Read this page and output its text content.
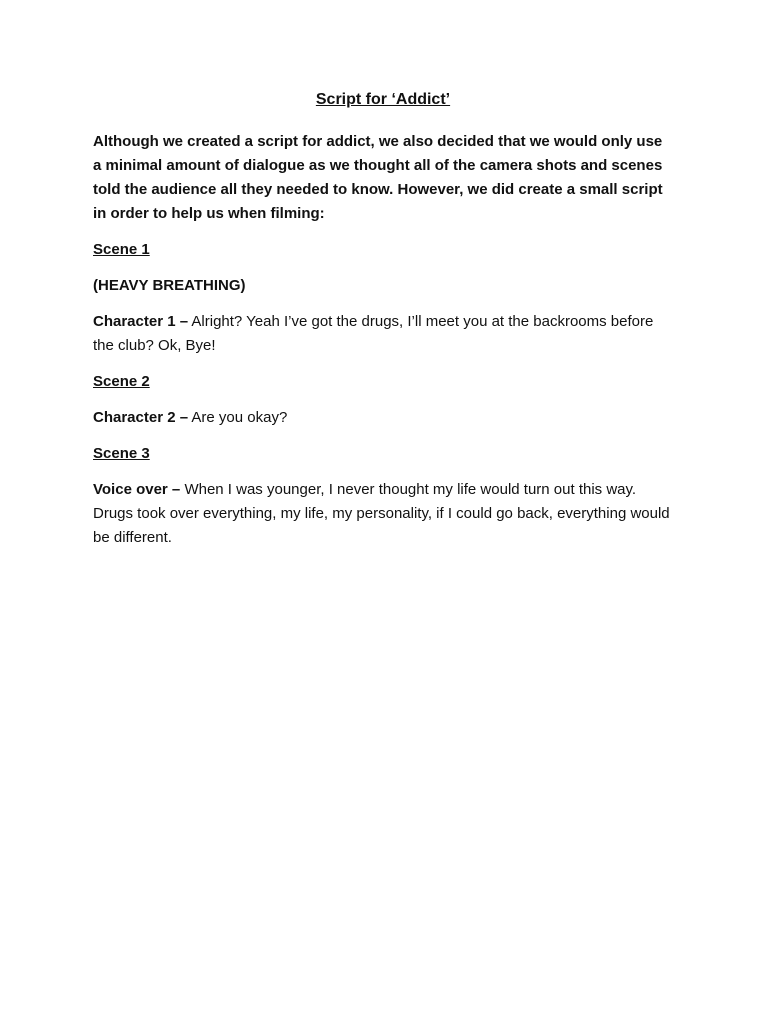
Script for ‘Addict’

Although we created a script for addict, we also decided that we would only use a minimal amount of dialogue as we thought all of the camera shots and scenes told the audience all they needed to know. However, we did create a small script in order to help us when filming:

Scene 1

(HEAVY BREATHING)

Character 1 – Alright? Yeah I’ve got the drugs, I’ll meet you at the backrooms before the club? Ok, Bye!

Scene 2

Character 2 – Are you okay?

Scene 3

Voice over – When I was younger, I never thought my life would turn out this way. Drugs took over everything, my life, my personality, if I could go back, everything would be different.
